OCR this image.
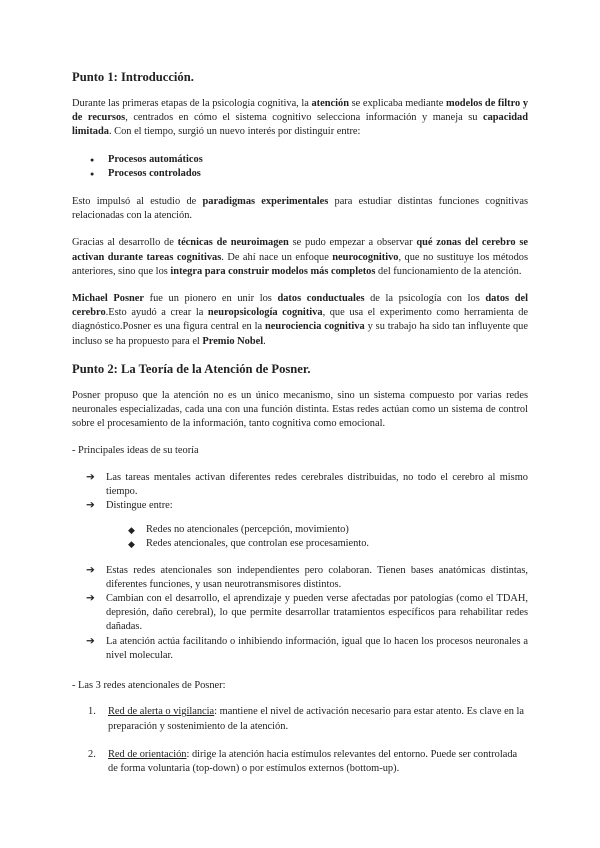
Punto 1: Introducción.

Durante las primeras etapas de la psicología cognitiva, la atención se explicaba mediante modelos de filtro y de recursos, centrados en cómo el sistema cognitivo selecciona información y maneja su capacidad limitada. Con el tiempo, surgió un nuevo interés por distinguir entre:

● Procesos automáticos
● Procesos controlados

Esto impulsó al estudio de paradigmas experimentales para estudiar distintas funciones cognitivas relacionadas con la atención.

Gracias al desarrollo de técnicas de neuroimagen se pudo empezar a observar qué zonas del cerebro se activan durante tareas cognitivas. De ahí nace un enfoque neurocognitivo, que no sustituye los métodos anteriores, sino que los integra para construir modelos más completos del funcionamiento de la atención.

Michael Posner fue un pionero en unir los datos conductuales de la psicología con los datos del cerebro.Esto ayudó a crear la neuropsicología cognitiva, que usa el experimento como herramienta de diagnóstico.Posner es una figura central en la neurociencia cognitiva y su trabajo ha sido tan influyente que incluso se ha propuesto para el Premio Nobel.

Punto 2: La Teoría de la Atención de Posner.

Posner propuso que la atención no es un único mecanismo, sino un sistema compuesto por varias redes neuronales especializadas, cada una con una función distinta. Estas redes actúan como un sistema de control sobre el procesamiento de la información, tanto cognitiva como emocional.

- Principales ideas de su teoría

➔ Las tareas mentales activan diferentes redes cerebrales distribuidas, no todo el cerebro al mismo tiempo.
➔ Distingue entre:
◆ Redes no atencionales (percepción, movimiento)
◆ Redes atencionales, que controlan ese procesamiento.
➔ Estas redes atencionales son independientes pero colaboran. Tienen bases anatómicas distintas, diferentes funciones, y usan neurotransmisores distintos.
➔ Cambian con el desarrollo, el aprendizaje y pueden verse afectadas por patologías (como el TDAH, depresión, daño cerebral), lo que permite desarrollar tratamientos específicos para rehabilitar redes dañadas.
➔ La atención actúa facilitando o inhibiendo información, igual que lo hacen los procesos neuronales a nivel molecular.

- Las 3 redes atencionales de Posner:

1. Red de alerta o vigilancia: mantiene el nivel de activación necesario para estar atento. Es clave en la preparación y sostenimiento de la atención.
2. Red de orientación: dirige la atención hacia estímulos relevantes del entorno. Puede ser controlada de forma voluntaria (top-down) o por estímulos externos (bottom-up).
